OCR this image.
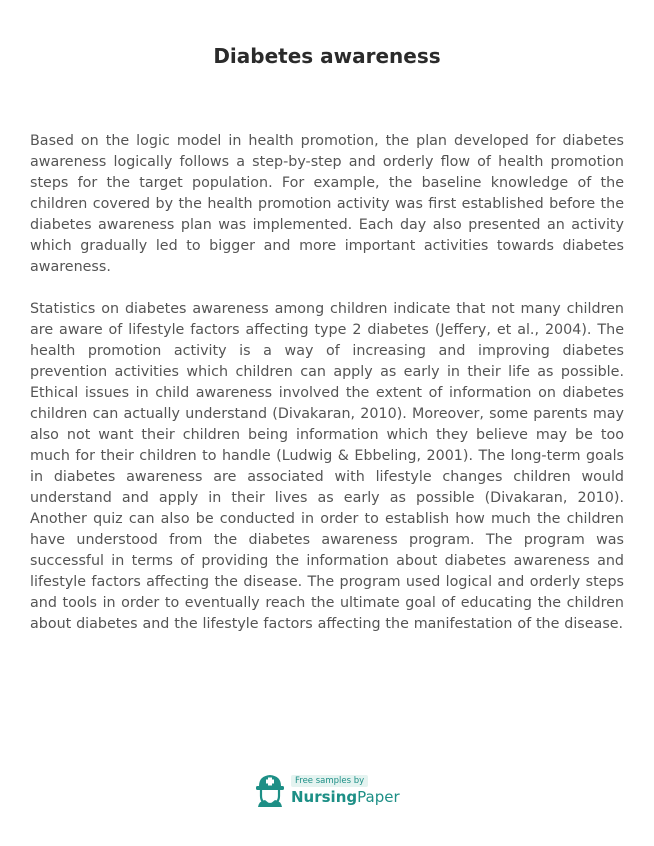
Diabetes awareness

Based on the logic model in health promotion, the plan developed for diabetes awareness logically follows a step-by-step and orderly flow of health promotion steps for the target population. For example, the baseline knowledge of the children covered by the health promotion activity was first established before the diabetes awareness plan was implemented. Each day also presented an activity which gradually led to bigger and more important activities towards diabetes awareness.

Statistics on diabetes awareness among children indicate that not many children are aware of lifestyle factors affecting type 2 diabetes (Jeffery, et al., 2004). The health promotion activity is a way of increasing and improving diabetes prevention activities which children can apply as early in their life as possible. Ethical issues in child awareness involved the extent of information on diabetes children can actually understand (Divakaran, 2010). Moreover, some parents may also not want their children being information which they believe may be too much for their children to handle (Ludwig & Ebbeling, 2001). The long-term goals in diabetes awareness are associated with lifestyle changes children would understand and apply in their lives as early as possible (Divakaran, 2010). Another quiz can also be conducted in order to establish how much the children have understood from the diabetes awareness program. The program was successful in terms of providing the information about diabetes awareness and lifestyle factors affecting the disease. The program used logical and orderly steps and tools in order to eventually reach the ultimate goal of educating the children about diabetes and the lifestyle factors affecting the manifestation of the disease.

Free samples by
NursingPaper
